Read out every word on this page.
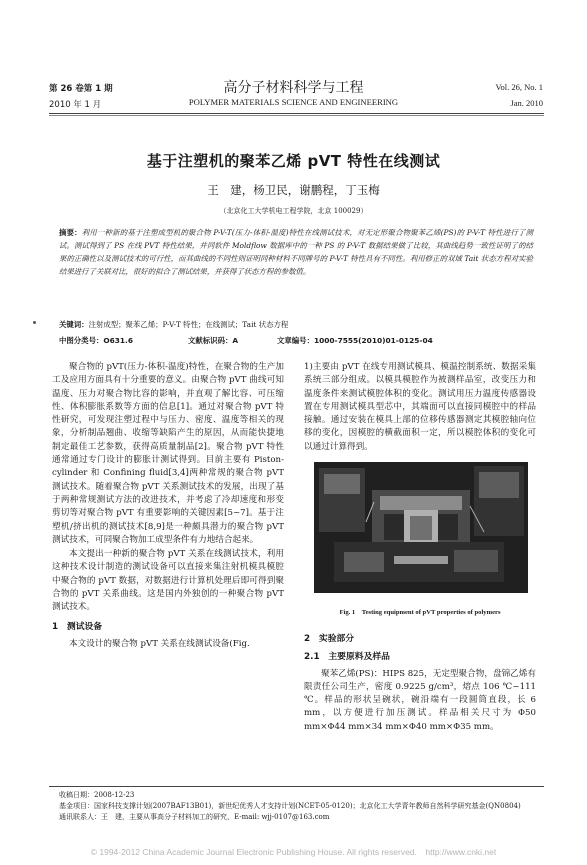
第 26 卷第 1 期
2010 年 1 月
高分子材料科学与工程
POLYMER MATERIALS SCIENCE AND ENGINEERING
Vol. 26, No. 1
Jan. 2010
基于注塑机的聚苯乙烯 pVT 特性在线测试
王　建，杨卫民，谢鹏程，丁玉梅
（北京化工大学机电工程学院，北京 100029）
摘要：利用一种新的基于注塑成型机的聚合物 P-V-T(压力-体积-温度)特性在线测试技术，对无定形聚合物聚苯乙烯(PS)的 P-V-T 特性进行了测试。测试得到了 PS 在线 PVT 特性结果，并同软件 Moldflow 数据库中的一种 PS 的 P-V-T 数据结果做了比较，其曲线趋势一致性证明了的结果的正确性以及测试技术的可行性，而其曲线的不同性则证明同种材料不同牌号的 P-V-T 特性具有不同性。利用修正的双域 Tait 状态方程对实验结果进行了关联对比，很好的拟合了测试结果，并获得了状态方程的参数值。
关键词：注射成型；聚苯乙烯；P-V-T 特性；在线测试；Tait 状态方程
中图分类号：O631.6	文献标识码：A	文章编号：1000-7555(2010)01-0125-04

聚合物的 pVT(压力-体积-温度)特性，在聚合物的生产加工及应用方面具有十分重要的意义。由聚合物 pVT 曲线可知温度、压力对聚合物比容的影响，并直观了解比容、可压缩性、体积膨胀系数等方面的信息[1]。通过对聚合物 pVT 特性研究，可发现注塑过程中与压力、密度、温度等相关的现象，分析制品翘曲、收缩等缺陷产生的原因，从而能快捷地制定最佳工艺参数，获得高质量制品[2]。聚合物 pVT 特性通常通过专门设计的膨胀计测试得到。目前主要有 Piston-cylinder 和 Confining fluid[3,4]两种常规的聚合物 pVT 测试技术。随着聚合物 pVT 关系测试技术的发展，出现了基于两种常规测试方法的改进技术，并考虑了冷却速度和形变剪切等对聚合物 pVT 有重要影响的关键因素[5~7]。基于注塑机/挤出机的测试技术[8,9]是一种颇具潜力的聚合物 pVT 测试技术，可同聚合物加工成型条件有力地结合起来。

本文提出一种新的聚合物 pVT 关系在线测试技术，利用这种技术设计制造的测试设备可以直接来集注射机模具模腔中聚合物的 pVT 数据，对数据进行计算机处理后即可得到聚合物的 pVT 关系曲线。这是国内外独创的一种聚合物 pVT 测试技术。

1　测试设备

本文设计的聚合物 pVT 关系在线测试设备(Fig.

1)主要由 pVT 在线专用测试模具、模温控制系统、数据采集系统三部分组成。以模具模腔作为被测样品室，改变压力和温度条件来测试模腔体积的变化。测试用压力温度传感器设置在专用测试模具型芯中，其端面可以直接同模腔中的样品接触。通过安装在模具上部的位移传感器测定其模腔轴向位移的变化，因模腔的横截面积一定，所以模腔体积的变化可以通过计算得到。

Fig. 1　Testing equipment of pVT properties of polymers
2　实验部分
2.1　主要原料及样品

聚苯乙烯(PS)：HIPS 825，无定型聚合物，盘锦乙烯有限责任公司生产，密度 0.9225 g/cm³，熔点 106 ℃~111 ℃。样品的形状呈碗状，碗沿端有一段圆筒直段，长 6 mm，以方便进行加压测试。样品相关尺寸为 Φ50 mm×Φ44 mm×34 mm×Φ40 mm×Φ35 mm。

收稿日期：2008-12-23
基金项目：国家科技支撑计划(2007BAF13B01)，新世纪优秀人才支持计划(NCET-05-0120)；北京化工大学青年教师自然科学研究基金(QN0804)
通讯联系人：王　建，主要从事高分子材料加工的研究，E-mail: wjj-0107@163.com
© 1994-2012 China Academic Journal Electronic Publishing House. All rights reserved.　http://www.cnki.net
